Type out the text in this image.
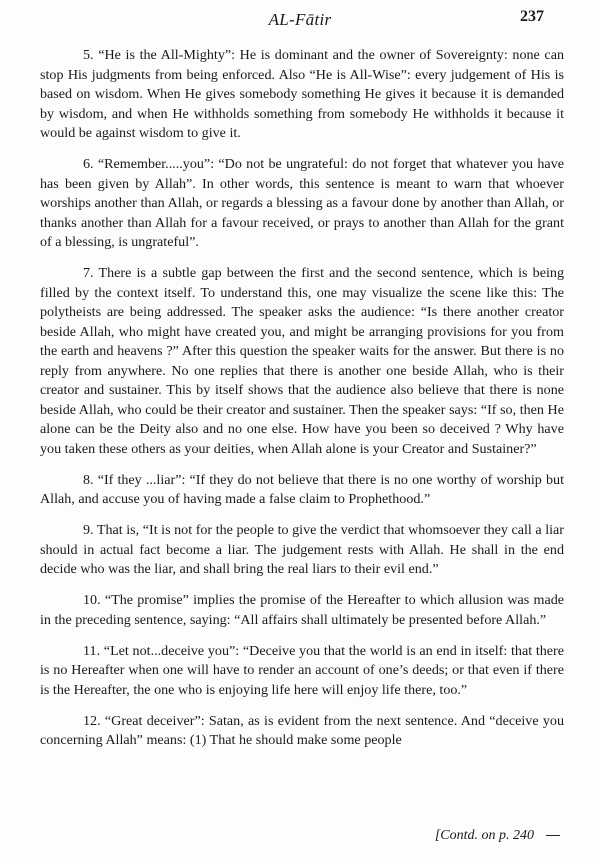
AL-Fātir	237

5. “He is the All-Mighty”: He is dominant and the owner of Sovereignty: none can stop His judgments from being enforced. Also “He is All-Wise”: every judgement of His is based on wisdom. When He gives somebody something He gives it because it is demanded by wisdom, and when He withholds something from somebody He withholds it because it would be against wisdom to give it.

6. “Remember.....you”: “Do not be ungrateful: do not forget that whatever you have has been given by Allah”. In other words, this sentence is meant to warn that whoever worships another than Allah, or regards a blessing as a favour done by another than Allah, or thanks another than Allah for a favour received, or prays to another than Allah for the grant of a blessing, is ungrateful”.

7. There is a subtle gap between the first and the second sentence, which is being filled by the context itself. To understand this, one may visualize the scene like this: The polytheists are being addressed. The speaker asks the audience: “Is there another creator beside Allah, who might have created you, and might be arranging provisions for you from the earth and heavens ?” After this question the speaker waits for the answer. But there is no reply from anywhere. No one replies that there is another one beside Allah, who is their creator and sustainer. This by itself shows that the audience also believe that there is none beside Allah, who could be their creator and sustainer. Then the speaker says: “If so, then He alone can be the Deity also and no one else. How have you been so deceived ? Why have you taken these others as your deities, when Allah alone is your Creator and Sustainer?”

8. “If they ...liar”: “If they do not believe that there is no one worthy of worship but Allah, and accuse you of having made a false claim to Prophethood.”

9. That is, “It is not for the people to give the verdict that whomsoever they call a liar should in actual fact become a liar. The judgement rests with Allah. He shall in the end decide who was the liar, and shall bring the real liars to their evil end.”

10. “The promise” implies the promise of the Hereafter to which allusion was made in the preceding sentence, saying: “All affairs shall ultimately be presented before Allah.”

11. “Let not...deceive you”: “Deceive you that the world is an end in itself: that there is no Hereafter when one will have to render an account of one’s deeds; or that even if there is the Hereafter, the one who is enjoying life here will enjoy life there, too.”

12. “Great deceiver”: Satan, as is evident from the next sentence. And “deceive you concerning Allah” means: (1) That he should make some people

[Contd. on p. 240
